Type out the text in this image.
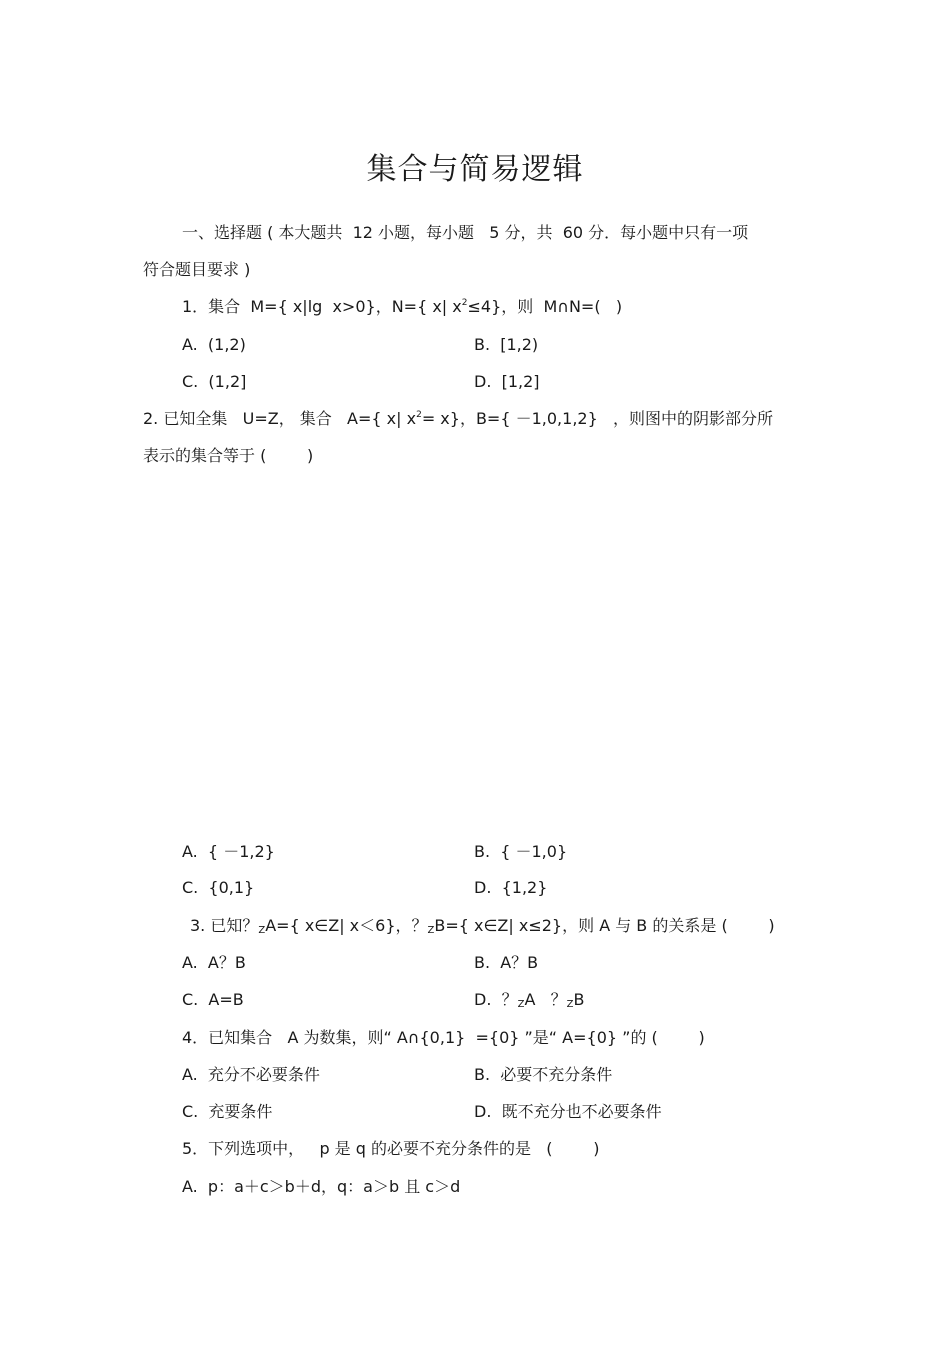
集合与简易逻辑
一、选择题 ( 本大题共  12 小题，每小题   5 分，共  60 分．每小题中只有一项
符合题目要求 )
1．集合  M={ x|lg  x>0}，N={ x| $x^2\le 4$}，则  M∩N=(   )
A.  (1,2)	B.  [1,2)
C.  (1,2]	D.  [1,2]
2. 已知全集   U=Z， 集合   A={ x| $x^2= x$}，B={ －1,0,1,2}   ，则图中的阴影部分所
表示的集合等于 (        )
A.  { －1,2}	B.  { －1,0}
C.  {0,1}	D.  {1,2}
3. 已知？$_Z$A={ x∈Z| x＜6}，？$_Z$B={ x∈Z| x≤2}，则 A 与 B 的关系是 (        )
A.  A？B	B.  A？B
C.  A=B	D.  ？$_Z$A   ？$_Z$B
4．已知集合   A 为数集，则“ A∩{0,1}  ={0} ”是“ A={0} ”的 (        )
A.  充分不必要条件	B.  必要不充分条件
C.  充要条件	D.  既不充分也不必要条件
5．下列选项中，   p 是 q 的必要不充分条件的是   (        )
A.  p：a＋c＞b＋d，q：a＞b 且 c＞d
